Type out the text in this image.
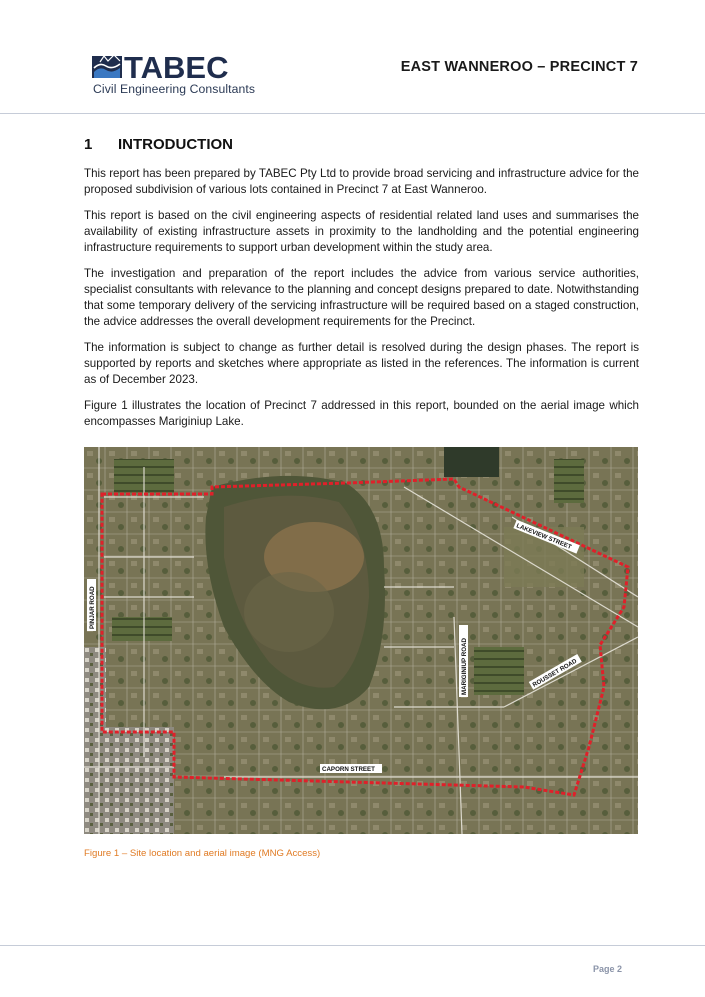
TABEC
Civil Engineering Consultants
EAST WANNEROO – PRECINCT 7
1 INTRODUCTION

This report has been prepared by TABEC Pty Ltd to provide broad servicing and infrastructure advice for the proposed subdivision of various lots contained in Precinct 7 at East Wanneroo.

This report is based on the civil engineering aspects of residential related land uses and summarises the availability of existing infrastructure assets in proximity to the landholding and the potential engineering infrastructure requirements to support urban development within the study area.

The investigation and preparation of the report includes the advice from various service authorities, specialist consultants with relevance to the planning and concept designs prepared to date. Notwithstanding that some temporary delivery of the servicing infrastructure will be required based on a staged construction, the advice addresses the overall development requirements for the Precinct.

The information is subject to change as further detail is resolved during the design phases. The report is supported by reports and sketches where appropriate as listed in the references. The information is current as of December 2023.

Figure 1 illustrates the location of Precinct 7 addressed in this report, bounded on the aerial image which encompasses Mariginiup Lake.

PINJAR ROAD
LAKEVIEW STREET
MARIGINIUP ROAD	ROUSSET ROAD
CAPORN STREET
Figure 1 – Site location and aerial image (MNG Access)
Page 2
